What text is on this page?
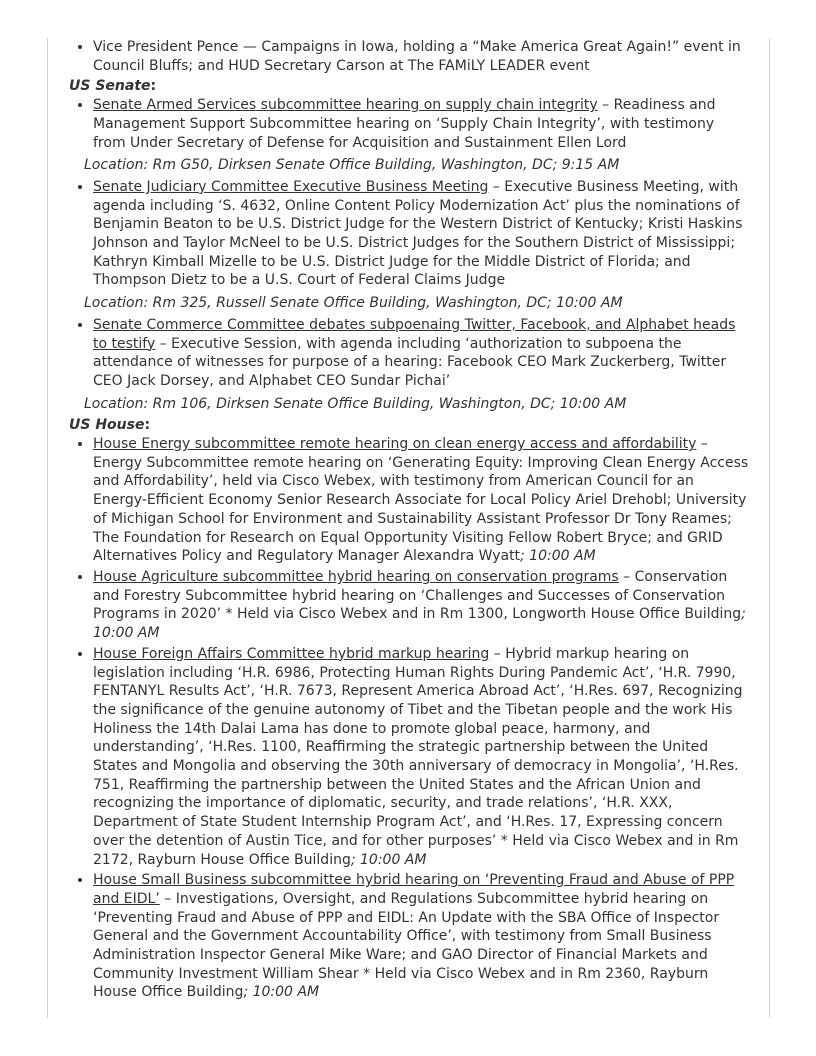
• Vice President Pence — Campaigns in Iowa, holding a “Make America Great Again!” event in Council Bluffs; and HUD Secretary Carson at The FAMiLY LEADER event

US Senate:

• Senate Armed Services subcommittee hearing on supply chain integrity – Readiness and Management Support Subcommittee hearing on ‘Supply Chain Integrity’, with testimony from Under Secretary of Defense for Acquisition and Sustainment Ellen Lord

Location: Rm G50, Dirksen Senate Office Building, Washington, DC; 9:15 AM

• Senate Judiciary Committee Executive Business Meeting – Executive Business Meeting, with agenda including ‘S. 4632, Online Content Policy Modernization Act’ plus the nominations of Benjamin Beaton to be U.S. District Judge for the Western District of Kentucky; Kristi Haskins Johnson and Taylor McNeel to be U.S. District Judges for the Southern District of Mississippi; Kathryn Kimball Mizelle to be U.S. District Judge for the Middle District of Florida; and Thompson Dietz to be a U.S. Court of Federal Claims Judge

Location: Rm 325, Russell Senate Office Building, Washington, DC; 10:00 AM

• Senate Commerce Committee debates subpoenaing Twitter, Facebook, and Alphabet heads to testify – Executive Session, with agenda including ‘authorization to subpoena the attendance of witnesses for purpose of a hearing: Facebook CEO Mark Zuckerberg, Twitter CEO Jack Dorsey, and Alphabet CEO Sundar Pichai’

Location: Rm 106, Dirksen Senate Office Building, Washington, DC; 10:00 AM

US House:

• House Energy subcommittee remote hearing on clean energy access and affordability – Energy Subcommittee remote hearing on ‘Generating Equity: Improving Clean Energy Access and Affordability’, held via Cisco Webex, with testimony from American Council for an Energy-Efficient Economy Senior Research Associate for Local Policy Ariel Drehobl; University of Michigan School for Environment and Sustainability Assistant Professor Dr Tony Reames; The Foundation for Research on Equal Opportunity Visiting Fellow Robert Bryce; and GRID Alternatives Policy and Regulatory Manager Alexandra Wyatt; 10:00 AM
• House Agriculture subcommittee hybrid hearing on conservation programs – Conservation and Forestry Subcommittee hybrid hearing on ‘Challenges and Successes of Conservation Programs in 2020’ * Held via Cisco Webex and in Rm 1300, Longworth House Office Building; 10:00 AM
• House Foreign Affairs Committee hybrid markup hearing – Hybrid markup hearing on legislation including ‘H.R. 6986, Protecting Human Rights During Pandemic Act’, ‘H.R. 7990, FENTANYL Results Act’, ‘H.R. 7673, Represent America Abroad Act’, ‘H.Res. 697, Recognizing the significance of the genuine autonomy of Tibet and the Tibetan people and the work His Holiness the 14th Dalai Lama has done to promote global peace, harmony, and understanding’, ‘H.Res. 1100, Reaffirming the strategic partnership between the United States and Mongolia and observing the 30th anniversary of democracy in Mongolia’, ‘H.Res. 751, Reaffirming the partnership between the United States and the African Union and recognizing the importance of diplomatic, security, and trade relations’, ‘H.R. XXX, Department of State Student Internship Program Act’, and ‘H.Res. 17, Expressing concern over the detention of Austin Tice, and for other purposes’ * Held via Cisco Webex and in Rm 2172, Rayburn House Office Building; 10:00 AM
• House Small Business subcommittee hybrid hearing on ‘Preventing Fraud and Abuse of PPP and EIDL’ – Investigations, Oversight, and Regulations Subcommittee hybrid hearing on ‘Preventing Fraud and Abuse of PPP and EIDL: An Update with the SBA Office of Inspector General and the Government Accountability Office’, with testimony from Small Business Administration Inspector General Mike Ware; and GAO Director of Financial Markets and Community Investment William Shear * Held via Cisco Webex and in Rm 2360, Rayburn House Office Building; 10:00 AM
